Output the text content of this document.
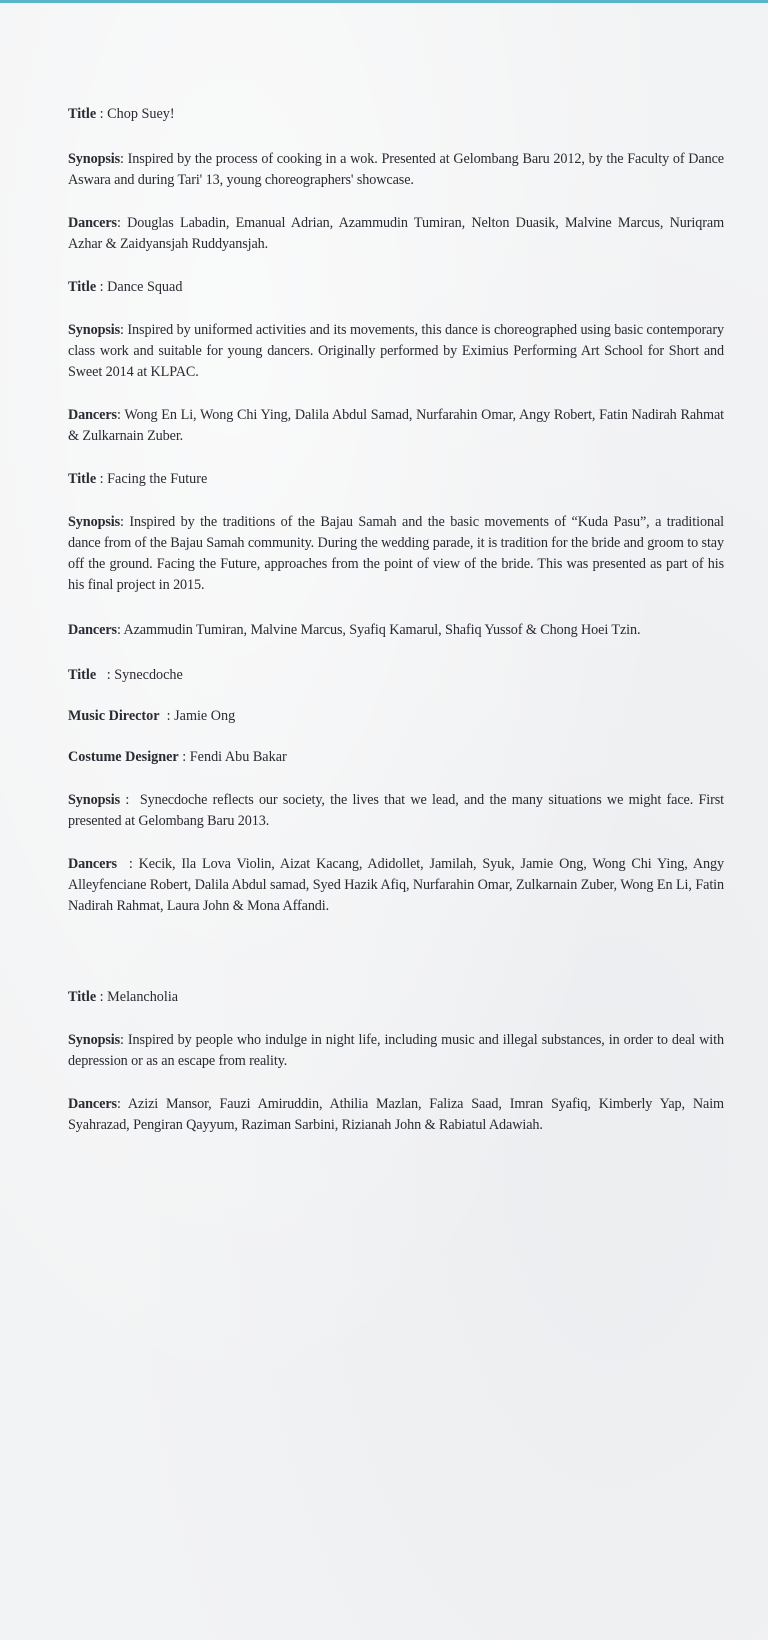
Title : Chop Suey!

Synopsis: Inspired by the process of cooking in a wok. Presented at Gelombang Baru 2012, by the Faculty of Dance Aswara and during Tari' 13, young choreographers' showcase.

Dancers: Douglas Labadin, Emanual Adrian, Azammudin Tumiran, Nelton Duasik, Malvine Marcus, Nuriqram Azhar & Zaidyansjah Ruddyansjah.

Title : Dance Squad

Synopsis: Inspired by uniformed activities and its movements, this dance is choreographed using basic contemporary class work and suitable for young dancers. Originally performed by Eximius Performing Art School for Short and Sweet 2014 at KLPAC.

Dancers: Wong En Li, Wong Chi Ying, Dalila Abdul Samad, Nurfarahin Omar, Angy Robert, Fatin Nadirah Rahmat & Zulkarnain Zuber.

Title : Facing the Future

Synopsis: Inspired by the traditions of the Bajau Samah and the basic movements of “Kuda Pasu”, a traditional dance from of the Bajau Samah community. During the wedding parade, it is tradition for the bride and groom to stay off the ground. Facing the Future, approaches from the point of view of the bride. This was presented as part of his his final project in 2015.

Dancers: Azammudin Tumiran, Malvine Marcus, Syafiq Kamarul, Shafiq Yussof & Chong Hoei Tzin.

Title   : Synecdoche

Music Director  : Jamie Ong

Costume Designer : Fendi Abu Bakar

Synopsis :  Synecdoche reflects our society, the lives that we lead, and the many situations we might face. First presented at Gelombang Baru 2013.

Dancers  : Kecik, Ila Lova Violin, Aizat Kacang, Adidollet, Jamilah, Syuk, Jamie Ong, Wong Chi Ying, Angy Alleyfenciane Robert, Dalila Abdul samad, Syed Hazik Afiq, Nurfarahin Omar, Zulkarnain Zuber, Wong En Li, Fatin Nadirah Rahmat, Laura John & Mona Affandi.

Title : Melancholia

Synopsis: Inspired by people who indulge in night life, including music and illegal substances, in order to deal with depression or as an escape from reality.

Dancers: Azizi Mansor, Fauzi Amiruddin, Athilia Mazlan, Faliza Saad, Imran Syafiq, Kimberly Yap, Naim Syahrazad, Pengiran Qayyum, Raziman Sarbini, Rizianah John & Rabiatul Adawiah.
